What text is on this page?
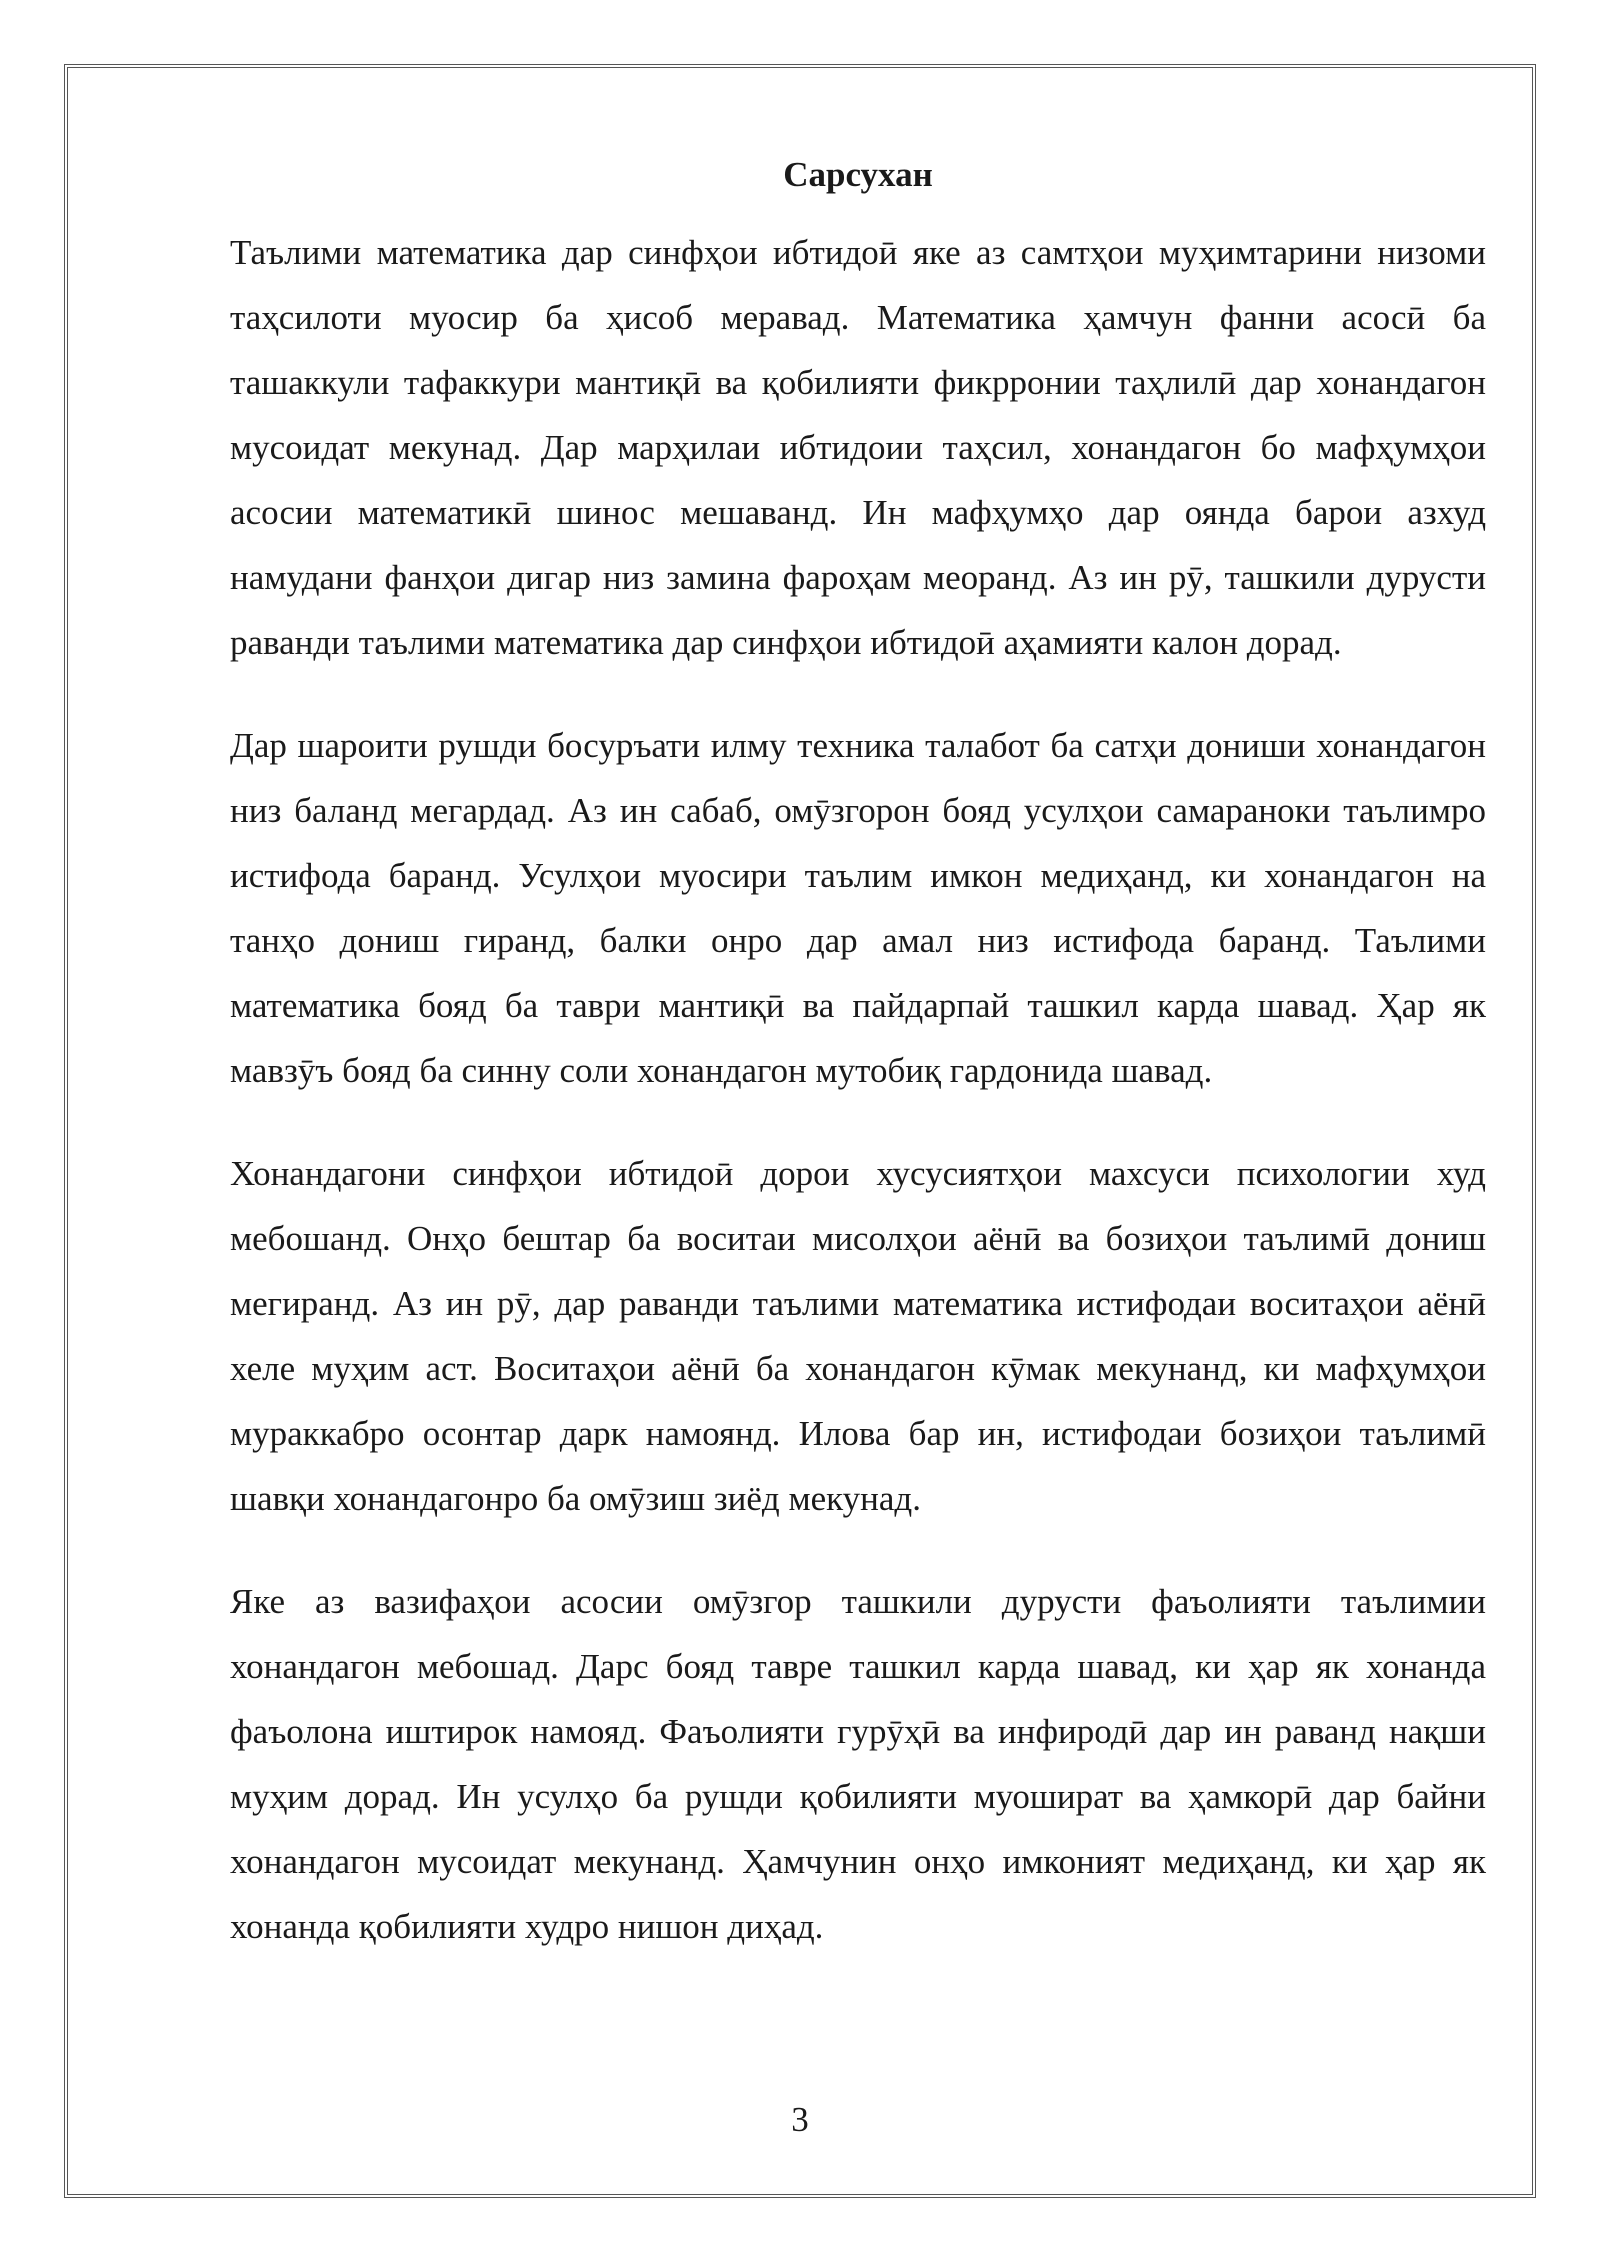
Сарсухан

Таълими математика дар синфҳои ибтидоӣ яке аз самтҳои муҳимтарини низоми таҳсилоти муосир ба ҳисоб меравад. Математика ҳамчун фанни асосӣ ба ташаккули тафаккури мантиқӣ ва қобилияти фикрронии таҳлилӣ дар хонандагон мусоидат мекунад. Дар марҳилаи ибтидоии таҳсил, хонандагон бо мафҳумҳои асосии математикӣ шинос мешаванд. Ин мафҳумҳо дар оянда барои азхуд намудани фанҳои дигар низ замина фароҳам меоранд. Аз ин рӯ, ташкили дурусти раванди таълими математика дар синфҳои ибтидоӣ аҳамияти калон дорад.

Дар шароити рушди босуръати илму техника талабот ба сатҳи дониши хонандагон низ баланд мегардад. Аз ин сабаб, омӯзгорон бояд усулҳои самараноки таълимро истифода баранд. Усулҳои муосири таълим имкон медиҳанд, ки хонандагон на танҳо дониш гиранд, балки онро дар амал низ истифода баранд. Таълими математика бояд ба таври мантиқӣ ва пайдарпай ташкил карда шавад. Ҳар як мавзӯъ бояд ба синну соли хонандагон мутобиқ гардонида шавад.

Хонандагони синфҳои ибтидоӣ дорои хусусиятҳои махсуси психологии худ мебошанд. Онҳо бештар ба воситаи мисолҳои аёнӣ ва бозиҳои таълимӣ дониш мегиранд. Аз ин рӯ, дар раванди таълими математика истифодаи воситаҳои аёнӣ хеле муҳим аст. Воситаҳои аёнӣ ба хонандагон кӯмак мекунанд, ки мафҳумҳои мураккабро осонтар дарк намоянд. Илова бар ин, истифодаи бозиҳои таълимӣ шавқи хонандагонро ба омӯзиш зиёд мекунад.

Яке аз вазифаҳои асосии омӯзгор ташкили дурусти фаъолияти таълимии хонандагон мебошад. Дарс бояд тавре ташкил карда шавад, ки ҳар як хонанда фаъолона иштирок намояд. Фаъолияти гурӯҳӣ ва инфиродӣ дар ин раванд нақши муҳим дорад. Ин усулҳо ба рушди қобилияти муошират ва ҳамкорӣ дар байни хонандагон мусоидат мекунанд. Ҳамчунин онҳо имконият медиҳанд, ки ҳар як хонанда қобилияти худро нишон диҳад.

3
